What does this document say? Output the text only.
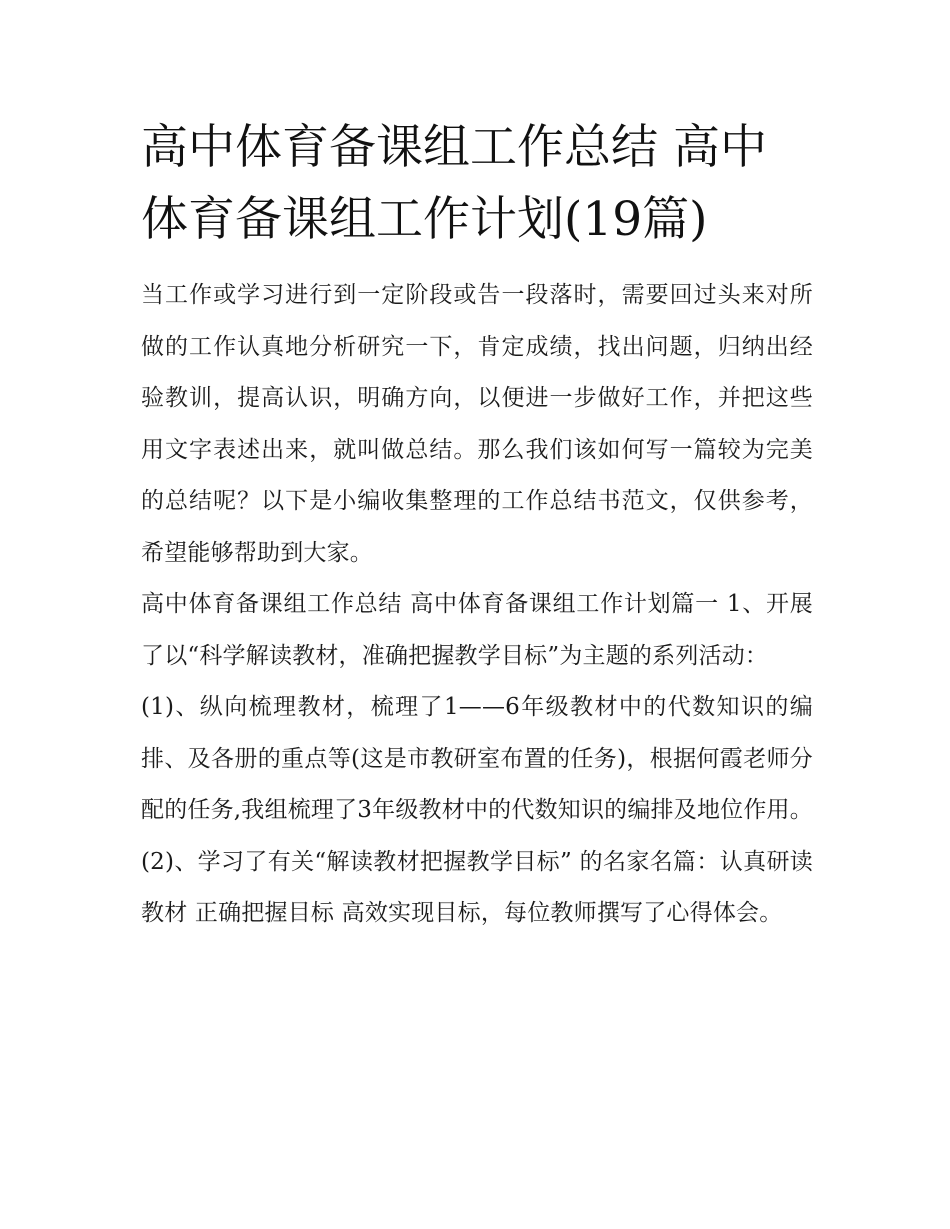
高中体育备课组工作总结 高中体育备课组工作计划(19篇)

当工作或学习进行到一定阶段或告一段落时，需要回过头来对所做的工作认真地分析研究一下，肯定成绩，找出问题，归纳出经验教训，提高认识，明确方向，以便进一步做好工作，并把这些用文字表述出来，就叫做总结。那么我们该如何写一篇较为完美的总结呢？以下是小编收集整理的工作总结书范文，仅供参考，希望能够帮助到大家。

高中体育备课组工作总结 高中体育备课组工作计划篇一 1、开展了以“科学解读教材，准确把握教学目标”为主题的系列活动：

(1)、纵向梳理教材，梳理了1——6年级教材中的代数知识的编排、及各册的重点等(这是市教研室布置的任务)，根据何霞老师分配的任务,我组梳理了3年级教材中的代数知识的编排及地位作用。

(2)、学习了有关“解读教材把握教学目标” 的名家名篇：认真研读教材 正确把握目标 高效实现目标，每位教师撰写了心得体会。
